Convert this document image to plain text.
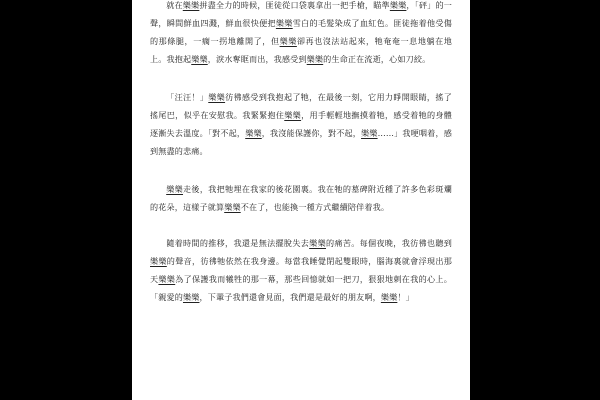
就在樂樂拼盡全力的時候，匪徒從口袋裏拿出一把手槍，瞄準樂樂，「砰」的一聲，瞬間鮮血四濺，鮮血很快便把樂樂雪白的毛髮染成了血紅色。匪徒拖着他受傷的那條腿，一瘸一拐地離開了，但樂樂卻再也沒法站起來，牠奄奄一息地躺在地上。我抱起樂樂，淚水奪眶而出，我感受到樂樂的生命正在流逝，心如刀絞。

「汪汪！」樂樂彷彿感受到我抱起了牠，在最後一刻，它用力睜開眼睛，搖了搖尾巴，似乎在安慰我。我緊緊抱住樂樂，用手輕輕地撫摸着牠，感受着牠的身體逐漸失去溫度。「對不起，樂樂，我沒能保護你，對不起，樂樂……」我哽咽着，感到無盡的悲痛。

樂樂走後，我把牠埋在我家的後花園裏。我在牠的墓碑附近種了許多色彩斑斕的花朵，這樣子就算樂樂不在了，也能換一種方式繼續陪伴着我。

隨着時間的推移，我還是無法擺脫失去樂樂的痛苦。每個夜晚，我彷彿也聽到樂樂的聲音，彷彿牠依然在我身邊。每當我睡覺閉起雙眼時，腦海裏就會浮現出那天樂樂為了保護我而犧牲的那一幕，那些回憶就如一把刀，狠狠地刺在我的心上。「親愛的樂樂，下輩子我們還會見面，我們還是最好的朋友啊，樂樂！」
